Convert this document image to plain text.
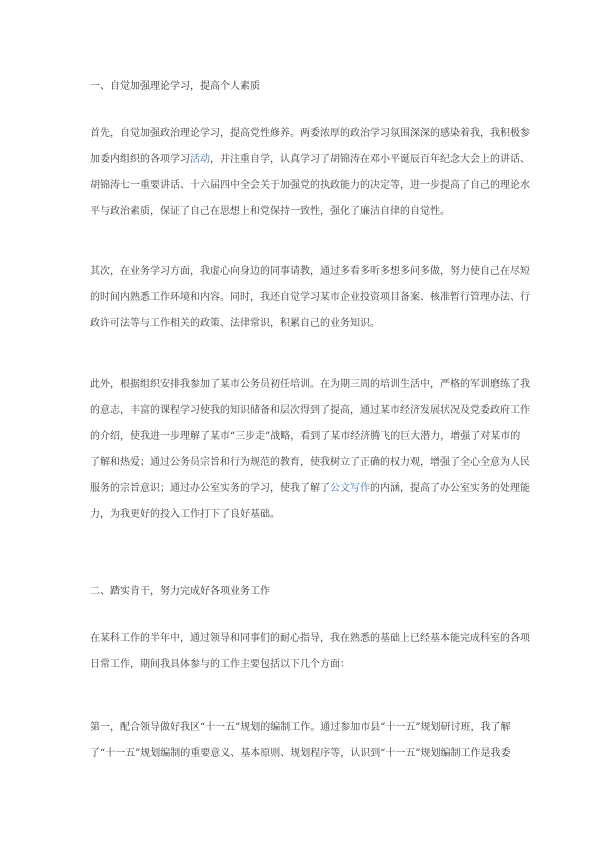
一、自觉加强理论学习，提高个人素质

首先，自觉加强政治理论学习，提高党性修养。两委浓厚的政治学习氛围深深的感染着我，我积极参
加委内组织的各项学习活动，并注重自学，认真学习了胡锦涛在邓小平诞辰百年纪念大会上的讲话、
胡锦涛七一重要讲话、十六届四中全会关于加强党的执政能力的决定等，进一步提高了自己的理论水
平与政治素质，保证了自己在思想上和党保持一致性，强化了廉洁自律的自觉性。
其次，在业务学习方面，我虚心向身边的同事请教，通过多看多听多想多问多做，努力使自己在尽短
的时间内熟悉工作环境和内容。同时，我还自觉学习某市企业投资项目备案、核准暂行管理办法、行
政许可法等与工作相关的政策、法律常识，积累自己的业务知识。
此外，根据组织安排我参加了某市公务员初任培训。在为期三周的培训生活中，严格的军训磨练了我
的意志，丰富的课程学习使我的知识储备和层次得到了提高，通过某市经济发展状况及党委政府工作
的介绍，使我进一步理解了某市“三步走”战略，看到了某市经济腾飞的巨大潜力，增强了对某市的
了解和热爱；通过公务员宗旨和行为规范的教育，使我树立了正确的权力观，增强了全心全意为人民
服务的宗旨意识；通过办公室实务的学习，使我了解了公文写作的内涵，提高了办公室实务的处理能
力，为我更好的投入工作打下了良好基础。

二、踏实肯干，努力完成好各项业务工作

在某科工作的半年中，通过领导和同事们的耐心指导，我在熟悉的基础上已经基本能完成科室的各项
日常工作，期间我具体参与的工作主要包括以下几个方面：
第一，配合领导做好我区“十一五”规划的编制工作。通过参加市县“十一五”规划研讨班，我了解
了“十一五”规划编制的重要意义、基本原则、规划程序等，认识到“十一五”规划编制工作是我委
